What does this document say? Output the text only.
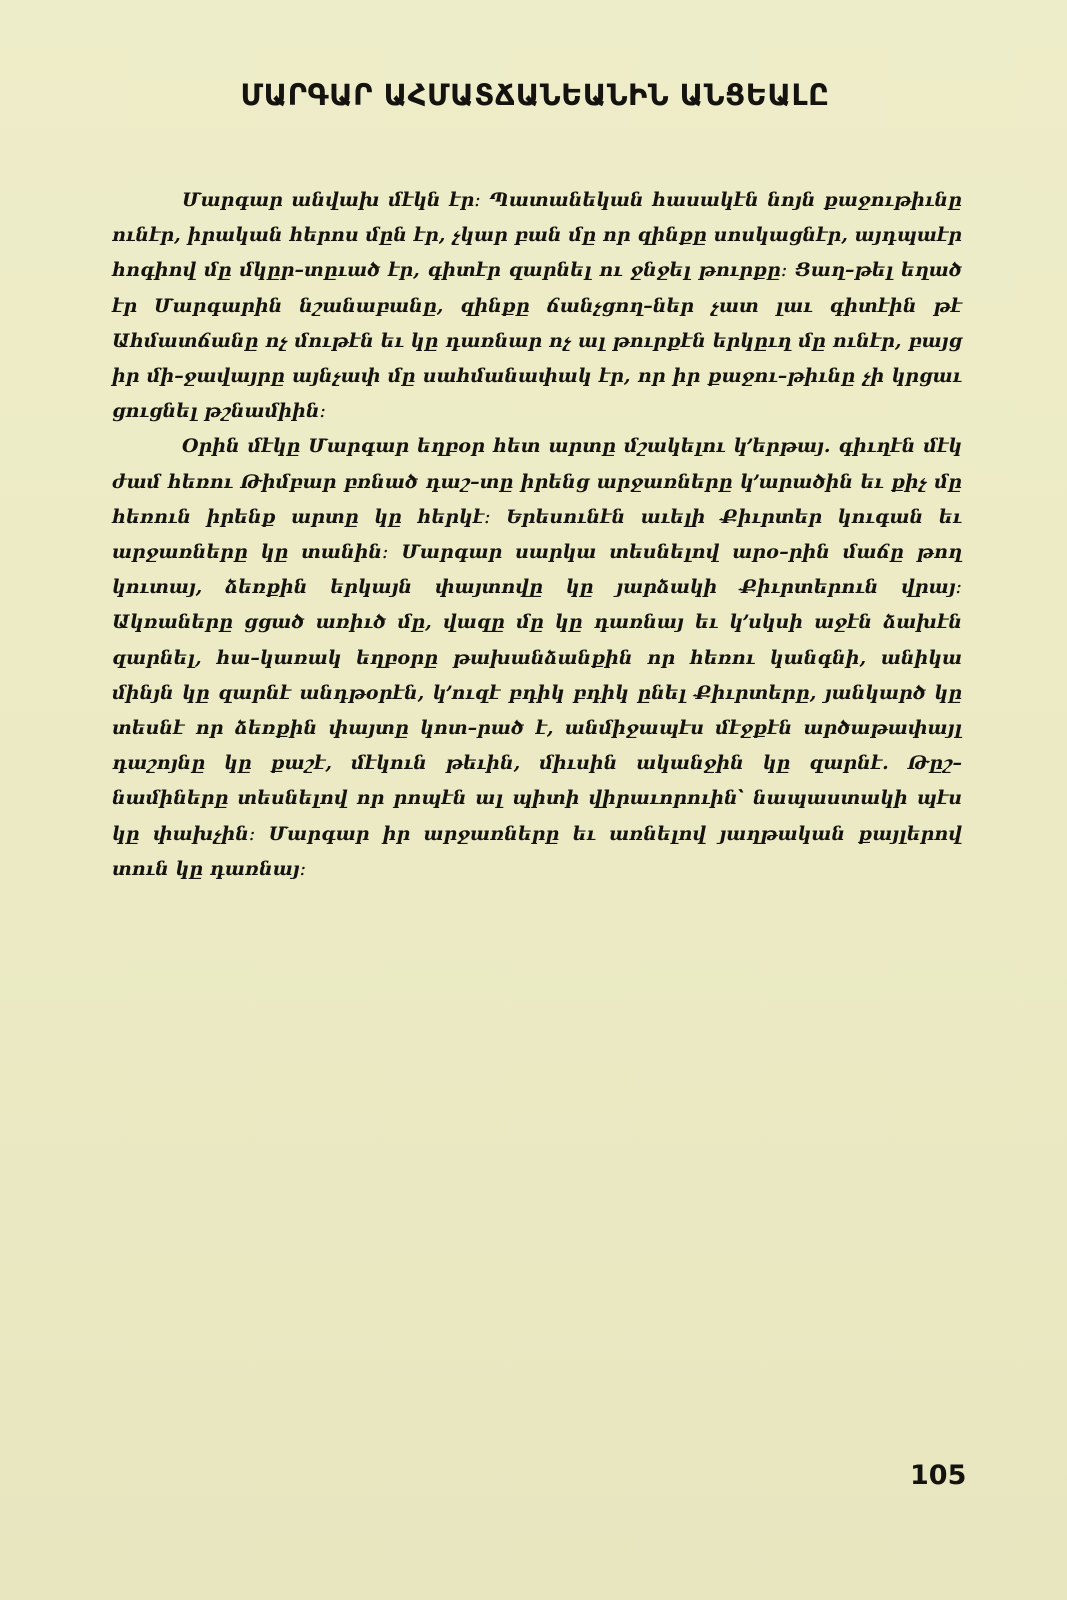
ՄԱՐԳԱՐ ԱՀՄԱՏՃԱՆԵԱՆԻՆ ԱՆՑԵԱԼԸ

Մարգար անվախ մէկն էր։ Պատանեկան հասակէն նոյն քաջութիւնը ունէր, իրական հերոս մըն էր, չկար բան մը որ զինքը սոսկացնէր, այդպաէր հոգիով մը մկըր–տըւած էր, գիտէր զարնել ու ջնջել թուրքը։ Ցաղ–թել եղած էր Մարգարին նշանաբանը, զինքը ճանչցող–ներ չատ լաւ գիտէին թէ Ահմատճանը ոչ մութէն եւ կը դառնար ոչ ալ թուրքէն երկըւղ մը ունէր, բայց իր մի–ջավայրը այնչափ մը սահմանափակ էր, որ իր քաջու–թիւնը չի կրցաւ ցուցնել թշնամիին։

Օրին մէկը Մարգար եղբօր հետ արտը մշակելու կ՚երթայ. գիւղէն մէկ ժամ հեռու Թիմբար բռնած դաշ–տը իրենց արջառները կ՚արածին եւ քիչ մը հեռուն իրենք արտը կը հերկէ։ Երեսունէն աւելի Քիւրտեր կուգան եւ արջառները կը տանին։ Մարգար սարկա տեսնելով արօ–րին մաճը թող կուտայ, ձեռքին երկայն փայտովը կը յարձակի Քիւրտերուն վրայ։ Ակռաները ցցած առիւծ մը, վազը մը կը դառնայ եւ կ՚սկսի աջէն ձախէն զարնել, հա–կառակ եղբօրը թախանձանքին որ հեռու կանգնի, անիկա մինյն կը զարնէ անդթօրէն, կ՚ուզէ բդիկ բդիկ ընել Քիւրտերը, յանկարծ կը տեսնէ որ ձեռքին փայտը կոտ–րած է, անմիջապէս մէջքէն արծաթափայլ դաշոյնը կը քաշէ, մէկուն թեւին, միւսին ականջին կը զարնէ. Թըշ–նամիները տեսնելով որ րոպէն ալ պիտի վիրաւորուին՝ նապաստակի պէս կը փախչին։ Մարգար իր արջառները եւ առնելով յաղթական քայլերով տուն կը դառնայ։

105
